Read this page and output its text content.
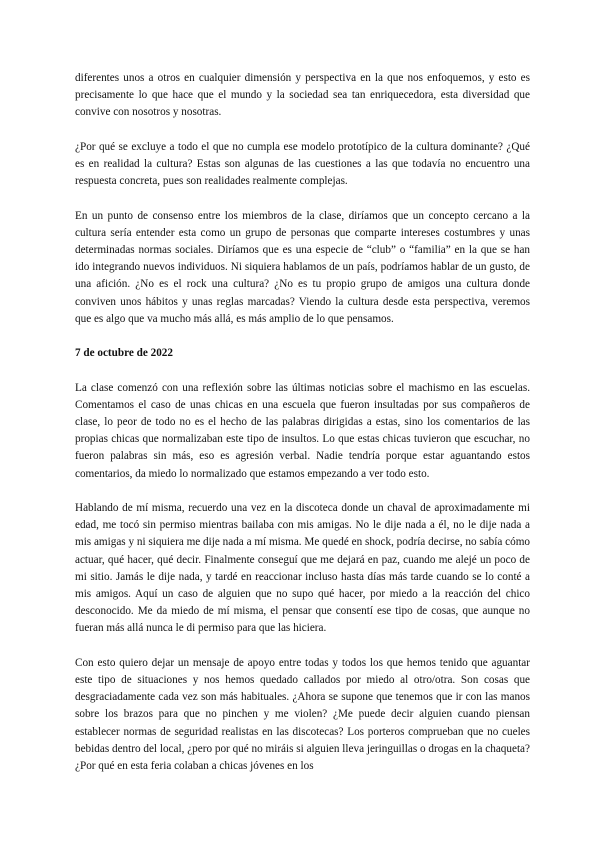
diferentes unos a otros en cualquier dimensión y perspectiva en la que nos enfoquemos, y esto es precisamente lo que hace que el mundo y la sociedad sea tan enriquecedora, esta diversidad que convive con nosotros y nosotras.

¿Por qué se excluye a todo el que no cumpla ese modelo prototípico de la cultura dominante? ¿Qué es en realidad la cultura? Estas son algunas de las cuestiones a las que todavía no encuentro una respuesta concreta, pues son realidades realmente complejas.

En un punto de consenso entre los miembros de la clase, diríamos que un concepto cercano a la cultura sería entender esta como un grupo de personas que comparte intereses costumbres y unas determinadas normas sociales. Diríamos que es una especie de “club” o “familia” en la que se han ido integrando nuevos individuos. Ni siquiera hablamos de un país, podríamos hablar de un gusto, de una afición. ¿No es el rock una cultura? ¿No es tu propio grupo de amigos una cultura donde conviven unos hábitos y unas reglas marcadas? Viendo la cultura desde esta perspectiva, veremos que es algo que va mucho más allá, es más amplio de lo que pensamos.

7 de octubre de 2022

La clase comenzó con una reflexión sobre las últimas noticias sobre el machismo en las escuelas. Comentamos el caso de unas chicas en una escuela que fueron insultadas por sus compañeros de clase, lo peor de todo no es el hecho de las palabras dirigidas a estas, sino los comentarios de las propias chicas que normalizaban este tipo de insultos. Lo que estas chicas tuvieron que escuchar, no fueron palabras sin más, eso es agresión verbal. Nadie tendría porque estar aguantando estos comentarios, da miedo lo normalizado que estamos empezando a ver todo esto.

Hablando de mí misma, recuerdo una vez en la discoteca donde un chaval de aproximadamente mi edad, me tocó sin permiso mientras bailaba con mis amigas. No le dije nada a él, no le dije nada a mis amigas y ni siquiera me dije nada a mí misma. Me quedé en shock, podría decirse, no sabía cómo actuar, qué hacer, qué decir. Finalmente conseguí que me dejará en paz, cuando me alejé un poco de mi sitio. Jamás le dije nada, y tardé en reaccionar incluso hasta días más tarde cuando se lo conté a mis amigos. Aquí un caso de alguien que no supo qué hacer, por miedo a la reacción del chico desconocido. Me da miedo de mí misma, el pensar que consentí ese tipo de cosas, que aunque no fueran más allá nunca le di permiso para que las hiciera.

Con esto quiero dejar un mensaje de apoyo entre todas y todos los que hemos tenido que aguantar este tipo de situaciones y nos hemos quedado callados por miedo al otro/otra. Son cosas que desgraciadamente cada vez son más habituales. ¿Ahora se supone que tenemos que ir con las manos sobre los brazos para que no pinchen y me violen? ¿Me puede decir alguien cuando piensan establecer normas de seguridad realistas en las discotecas? Los porteros comprueban que no cueles bebidas dentro del local, ¿pero por qué no miráis si alguien lleva jeringuillas o drogas en la chaqueta? ¿Por qué en esta feria colaban a chicas jóvenes en los
